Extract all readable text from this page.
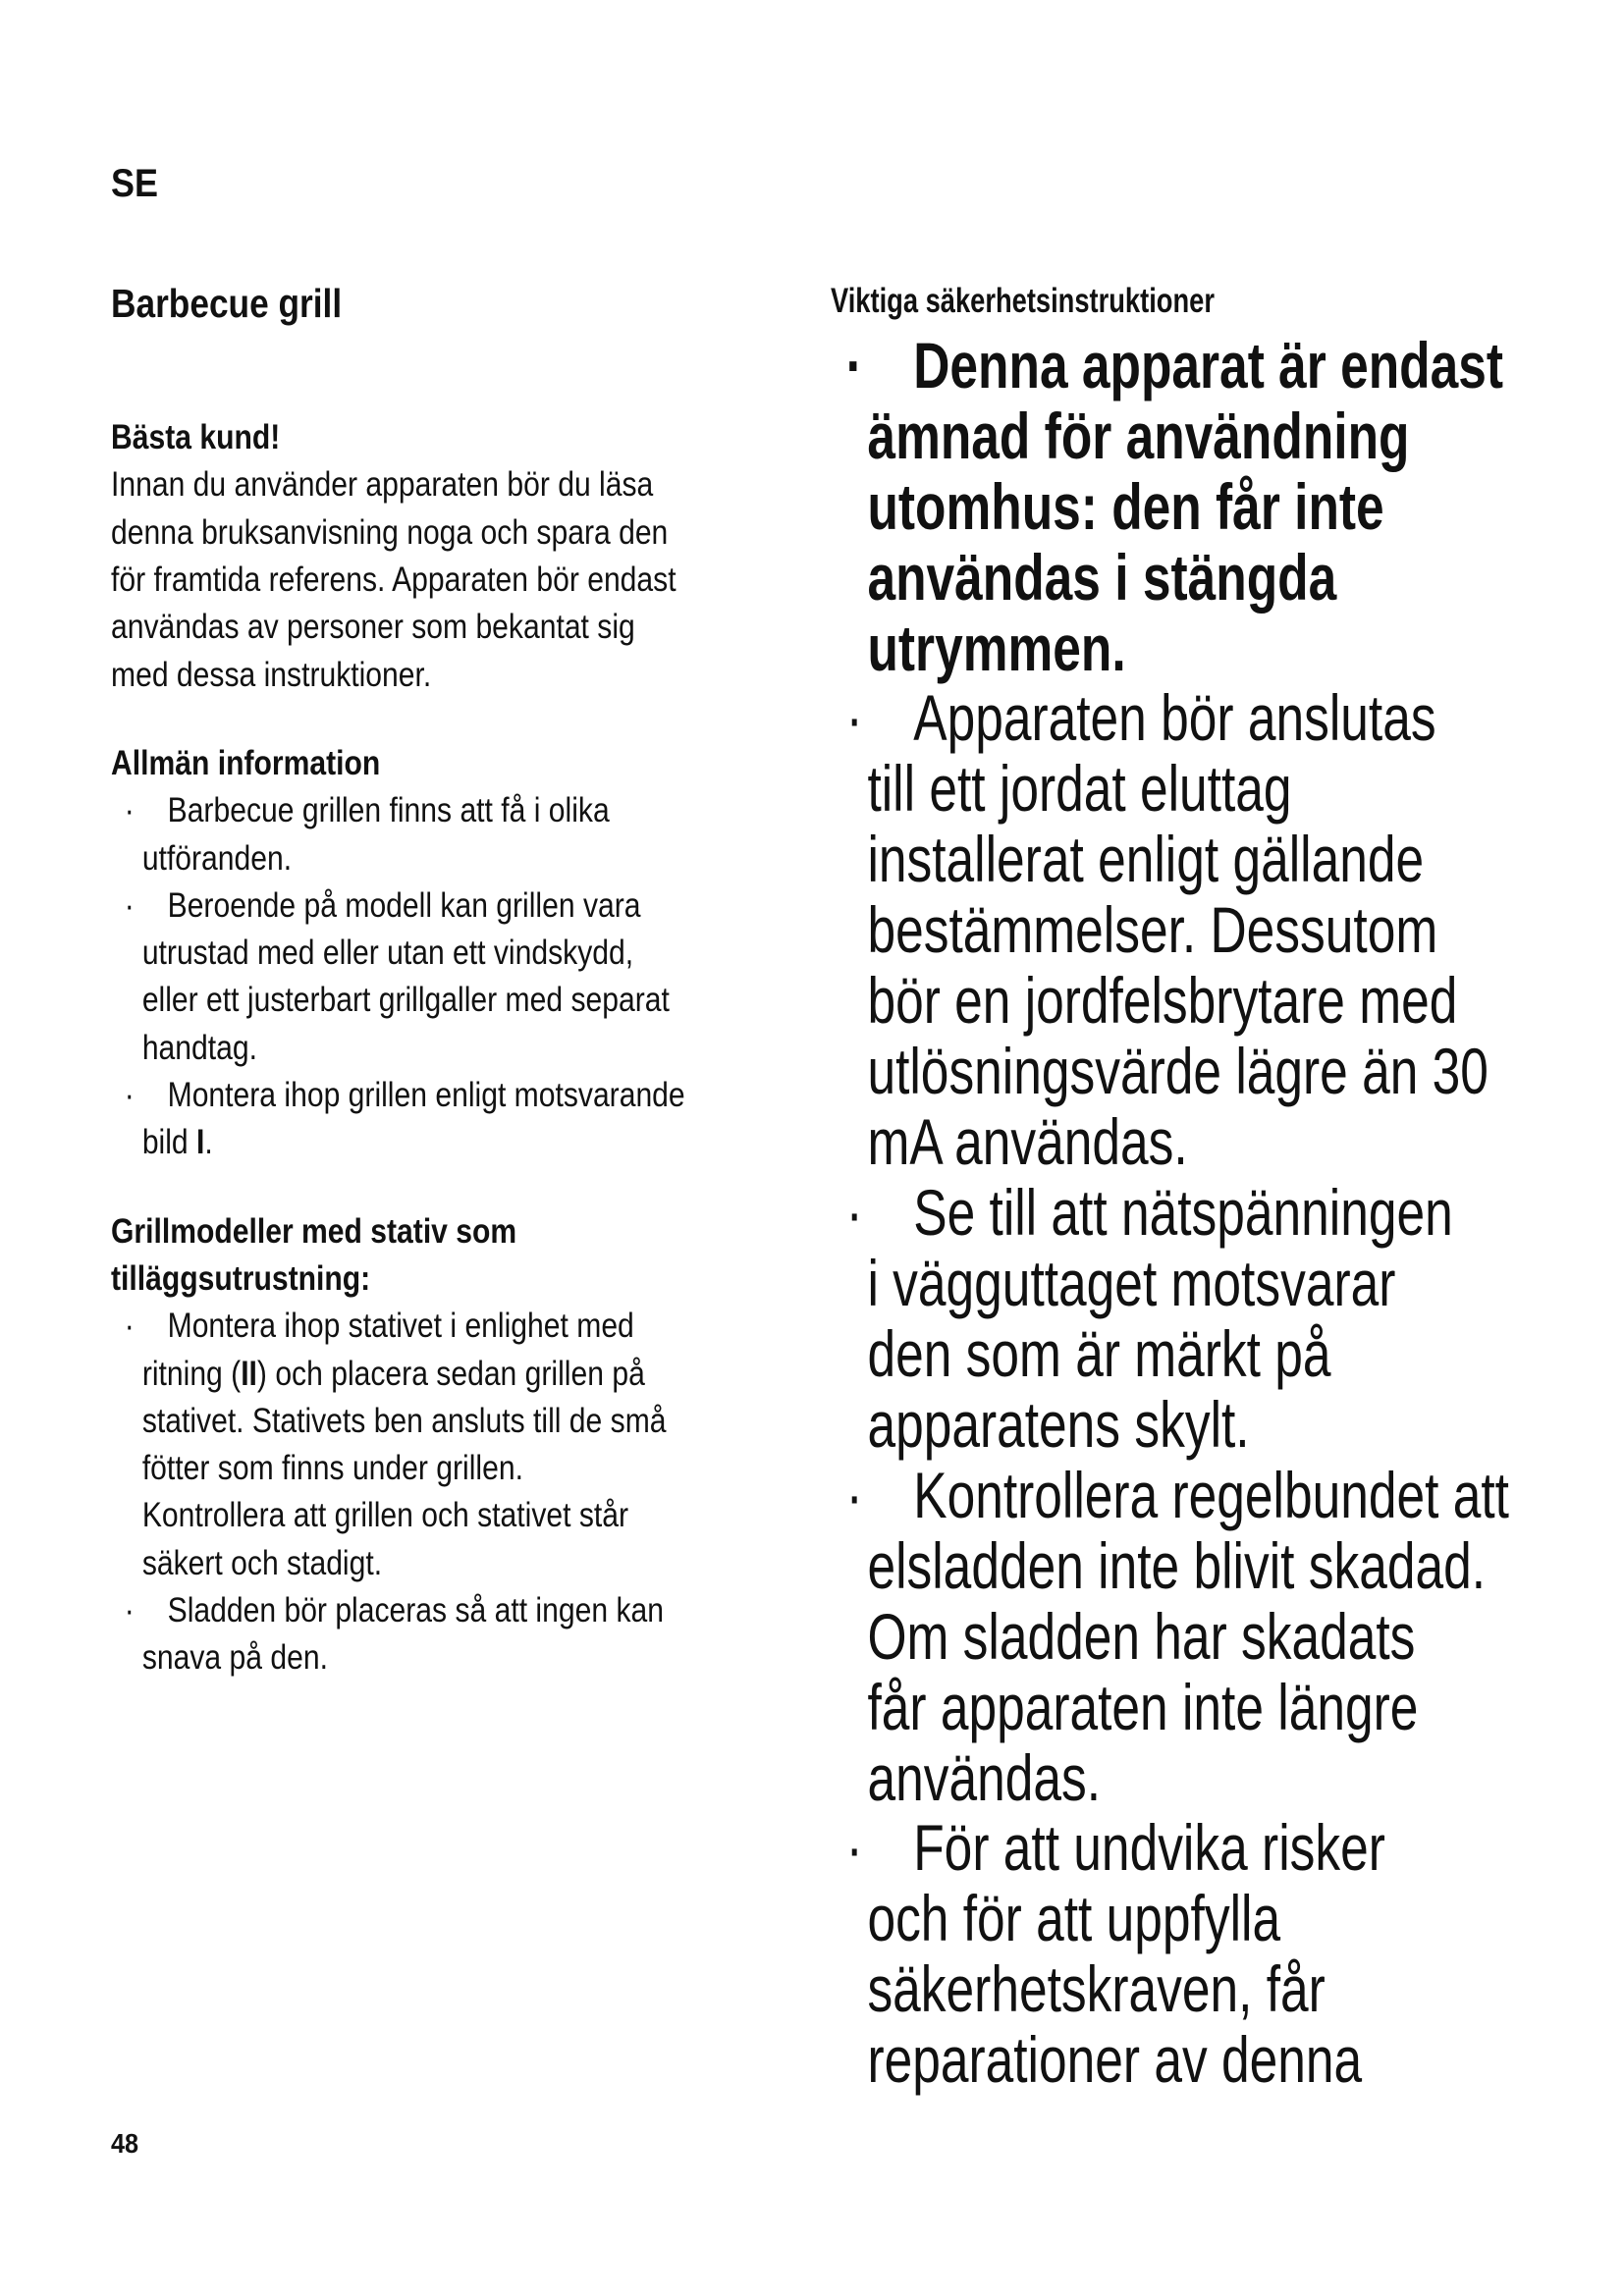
SE
Barbecue grill
Bästa kund!

Innan du använder apparaten bör du läsa

denna bruksanvisning noga och spara den

för framtida referens. Apparaten bör endast

användas av personer som bekantat sig

med dessa instruktioner.

Allmän information
· Barbecue grillen finns att få i olika
utföranden.
· Beroende på modell kan grillen vara
utrustad med eller utan ett vindskydd,
eller ett justerbart grillgaller med separat
handtag.
· Montera ihop grillen enligt motsvarande
bild I.
Grillmodeller med stativ som
tilläggsutrustning:
· Montera ihop stativet i enlighet med
ritning (II) och placera sedan grillen på
stativet. Stativets ben ansluts till de små
fötter som finns under grillen.
Kontrollera att grillen och stativet står
säkert och stadigt.
· Sladden bör placeras så att ingen kan
snava på den.
Viktiga säkerhetsinstruktioner
· Denna apparat är endast
ämnad för användning
utomhus: den får inte
användas i stängda
utrymmen.
· Apparaten bör anslutas
till ett jordat eluttag
installerat enligt gällande
bestämmelser. Dessutom
bör en jordfelsbrytare med
utlösningsvärde lägre än 30
mA användas.
· Se till att nätspänningen
i vägguttaget motsvarar
den som är märkt på
apparatens skylt.
· Kontrollera regelbundet att
elsladden inte blivit skadad.
Om sladden har skadats
får apparaten inte längre
användas.
· För att undvika risker
och för att uppfylla
säkerhetskraven, får
reparationer av denna
48
